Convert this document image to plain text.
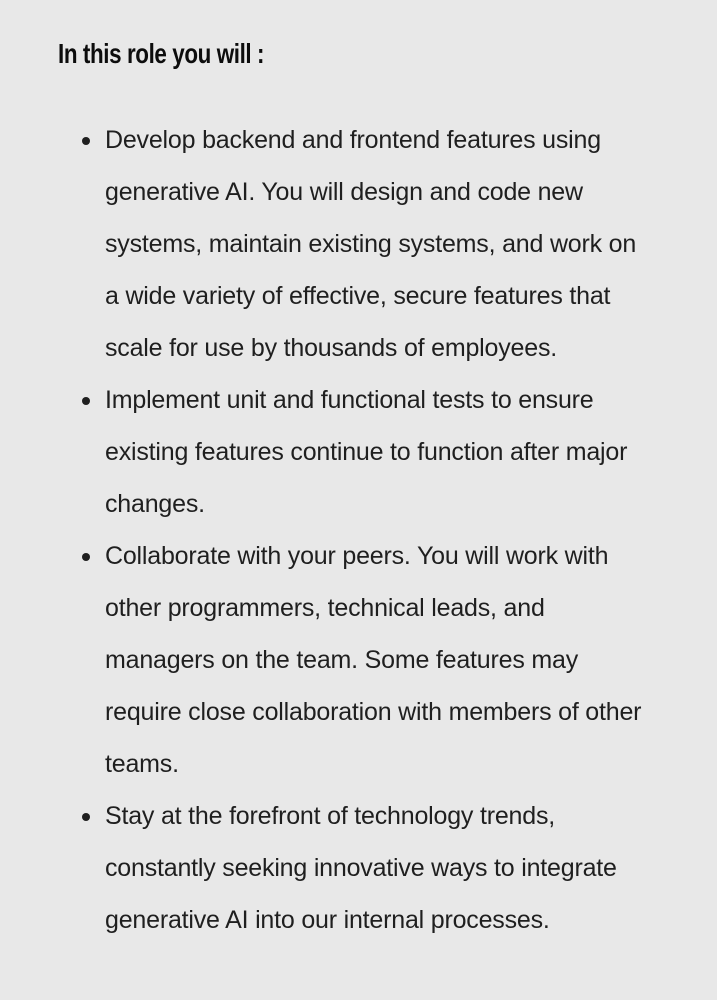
In this role you will :
Develop backend and frontend features using generative AI. You will design and code new systems, maintain existing systems, and work on a wide variety of effective, secure features that scale for use by thousands of employees.
Implement unit and functional tests to ensure existing features continue to function after major changes.
Collaborate with your peers. You will work with other programmers, technical leads, and managers on the team. Some features may require close collaboration with members of other teams.
Stay at the forefront of technology trends, constantly seeking innovative ways to integrate generative AI into our internal processes.
